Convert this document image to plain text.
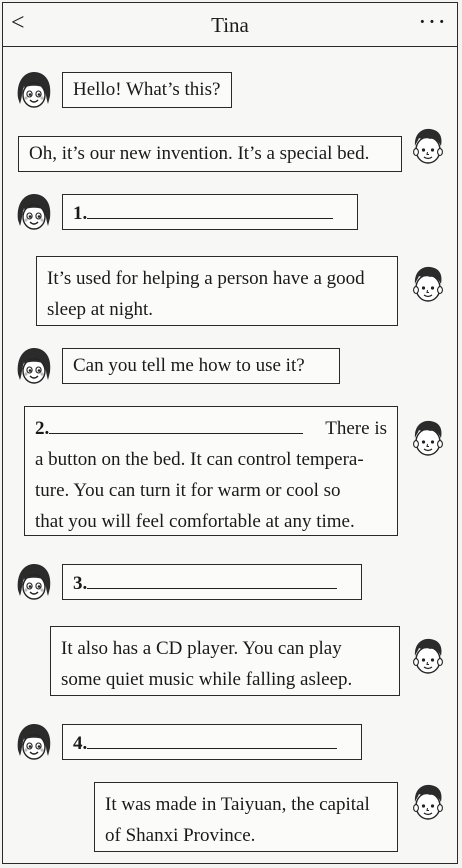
<	Tina	···
Hello! What’s this?
Oh, it’s our new invention. It’s a special bed.
1.
It’s used for helping a person have a good
sleep at night.
Can you tell me how to use it?
2.	There is
a button on the bed. It can control tempera-
ture. You can turn it for warm or cool so
that you will feel comfortable at any time.
3.
It also has a CD player. You can play
some quiet music while falling asleep.
4.
It was made in Taiyuan, the capital
of Shanxi Province.
